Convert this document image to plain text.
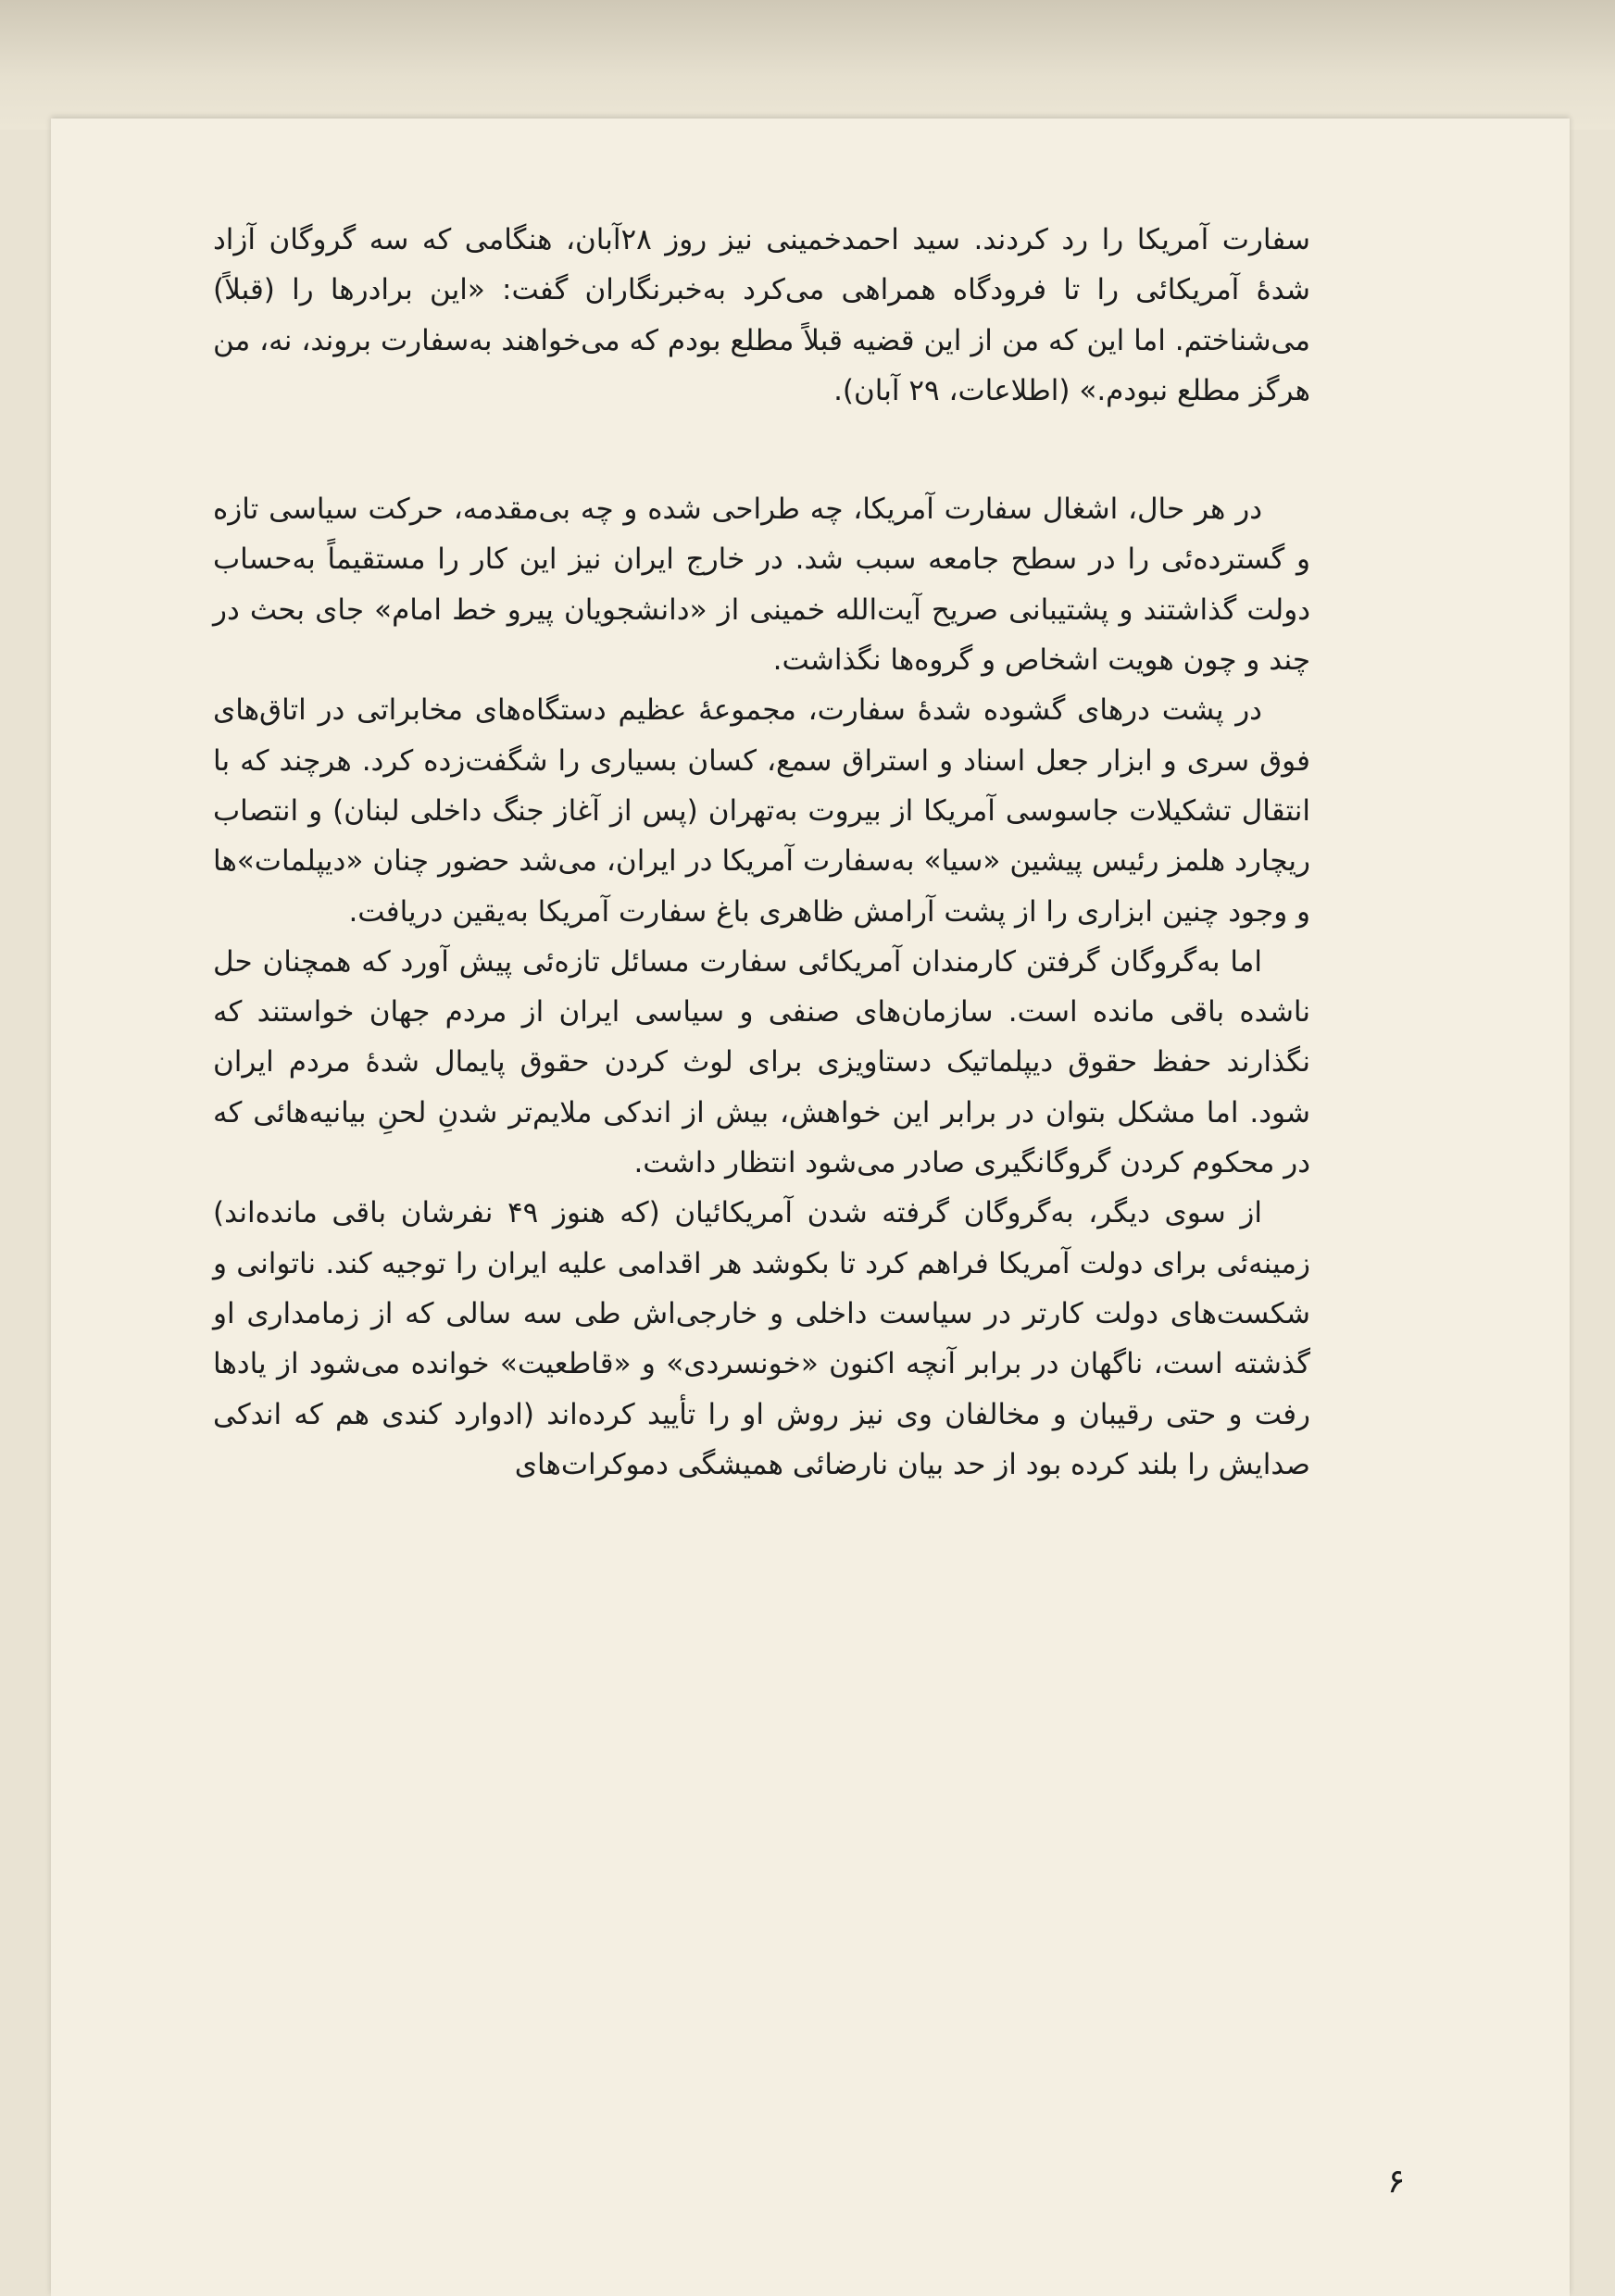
سفارت آمریکا را رد کردند. سید احمدخمینی نیز روز ۲۸آبان، هنگامی که سه گروگان آزاد شدهٔ آمریکائی را تا فرودگاه همراهی می‌کرد به‌خبرنگاران گفت: «این برادرها را (قبلاً) می‌شناختم. اما این که من از این قضیه قبلاً مطلع بودم که می‌خواهند به‌سفارت بروند، نه، من هرگز مطلع نبودم.» (اطلاعات، ۲۹ آبان).

در هر حال، اشغال سفارت آمریکا، چه طراحی شده و چه بی‌مقدمه، حرکت سیاسی تازه و گسترده‌ئی را در سطح جامعه سبب شد. در خارج ایران نیز این کار را مستقیماً به‌حساب دولت گذاشتند و پشتیبانی صریح آیت‌الله خمینی از «دانشجویان پیرو خط امام» جای بحث در چند و چون هویت اشخاص و گروه‌ها نگذاشت.

در پشت درهای گشوده شدهٔ سفارت، مجموعهٔ عظیم دستگاه‌های مخابراتی در اتاق‌های فوق سری و ابزار جعل اسناد و استراق سمع، کسان بسیاری را شگفت‌زده کرد. هرچند که با انتقال تشکیلات جاسوسی آمریکا از بیروت به‌تهران (پس از آغاز جنگ داخلی لبنان) و انتصاب ریچارد هلمز رئیس پیشین «سیا» به‌سفارت آمریکا در ایران، می‌شد حضور چنان «دیپلمات»ها و وجود چنین ابزاری را از پشت آرامش ظاهری باغ سفارت آمریکا به‌یقین دریافت.

اما به‌گروگان گرفتن کارمندان آمریکائی سفارت مسائل تازه‌ئی پیش آورد که همچنان حل ناشده باقی مانده است. سازمان‌های صنفی و سیاسی ایران از مردم جهان خواستند که نگذارند حفظ حقوق دیپلماتیک دستاویزی برای لوث کردن حقوق پایمال شدهٔ مردم ایران شود. اما مشکل بتوان در برابر این خواهش، بیش از اندکی ملایم‌تر شدنِ لحنِ بیانیه‌هائی که در محکوم کردن گروگانگیری صادر می‌شود انتظار داشت.

از سوی دیگر، به‌گروگان گرفته شدن آمریکائیان (که هنوز ۴۹ نفرشان باقی مانده‌اند) زمینه‌ئی برای دولت آمریکا فراهم کرد تا بکوشد هر اقدامی علیه ایران را توجیه کند. ناتوانی و شکست‌های دولت کارتر در سیاست داخلی و خارجی‌اش طی سه سالی که از زمامداری او گذشته است، ناگهان در برابر آنچه اکنون «خونسردی» و «قاطعیت» خوانده می‌شود از یادها رفت و حتی رقیبان و مخالفان وی نیز روش او را تأیید کرده‌اند (ادوارد کندی هم که اندکی صدایش را بلند کرده بود از حد بیان نارضائی همیشگی دموکرات‌های

۶
